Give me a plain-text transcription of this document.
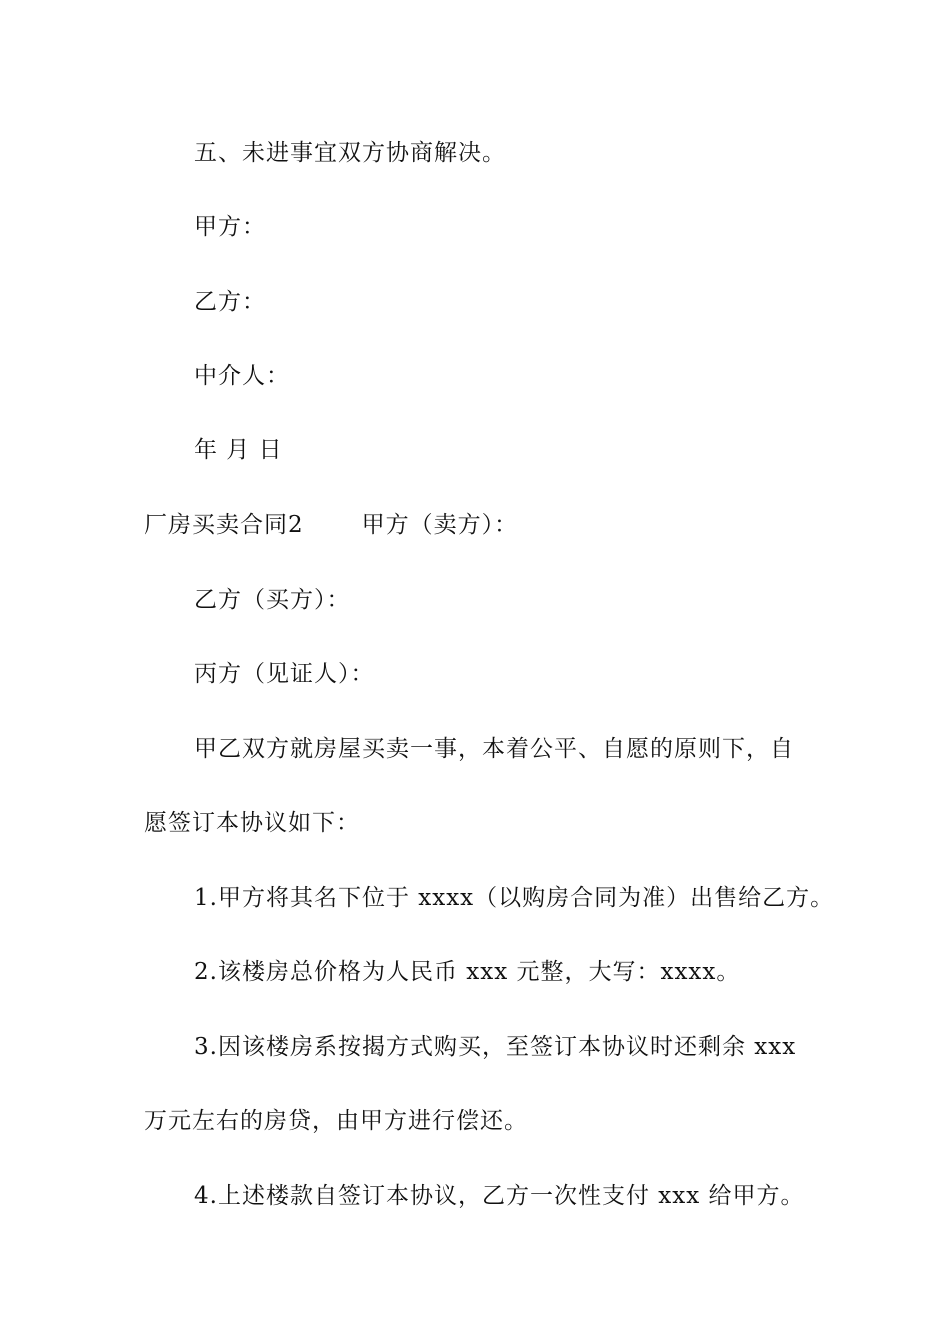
五、未进事宜双方协商解决。
甲方：
乙方：
中介人：
年 月 日
厂房买卖合同2	甲方（卖方）：
乙方（买方）：
丙方（见证人）：
甲乙双方就房屋买卖一事，本着公平、自愿的原则下，自
愿签订本协议如下：
1.甲方将其名下位于 xxxx（以购房合同为准）出售给乙方。
2.该楼房总价格为人民币 xxx 元整，大写：xxxx。
3.因该楼房系按揭方式购买，至签订本协议时还剩余 xxx
万元左右的房贷，由甲方进行偿还。
4.上述楼款自签订本协议，乙方一次性支付 xxx 给甲方。
